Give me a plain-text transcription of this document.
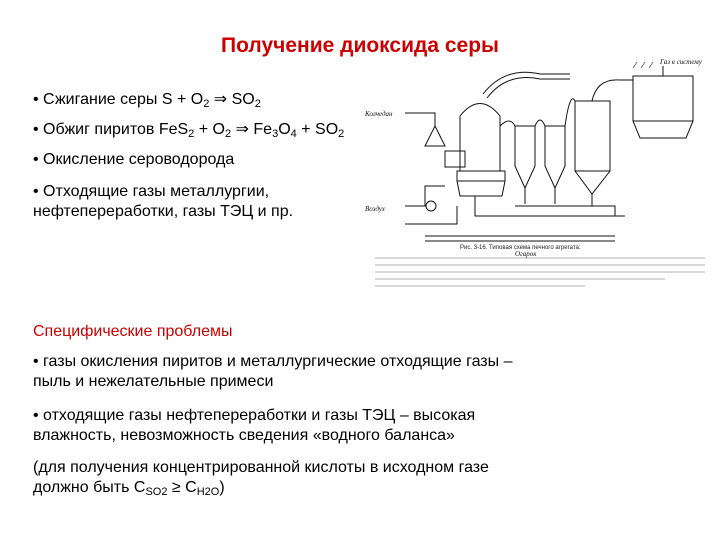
Получение диоксида серы
• Сжигание серы $S + O_2$ ⇒ $SO_2$
• Обжиг пиритов $FeS_2 + O_2$ ⇒ $Fe_3O_4 + SO_2$
• Окисление сероводорода
• Отходящие газы металлургии,
нефтепереработки, газы ТЭЦ и пр.
Специфические проблемы
• газы окисления пиритов и металлургические отходящие газы –
пыль и нежелательные примеси
• отходящие газы нефтепереработки и газы ТЭЦ – высокая
влажность, невозможность сведения «водного баланса»
(для получения концентрированной кислоты в исходном газе
должно быть $C_{SO2} \ge C_{H2O}$)
Колчедан
Воздух
Огарок
Газ в систему
Рис. 3-16. Типовая схема печного агрегата:
